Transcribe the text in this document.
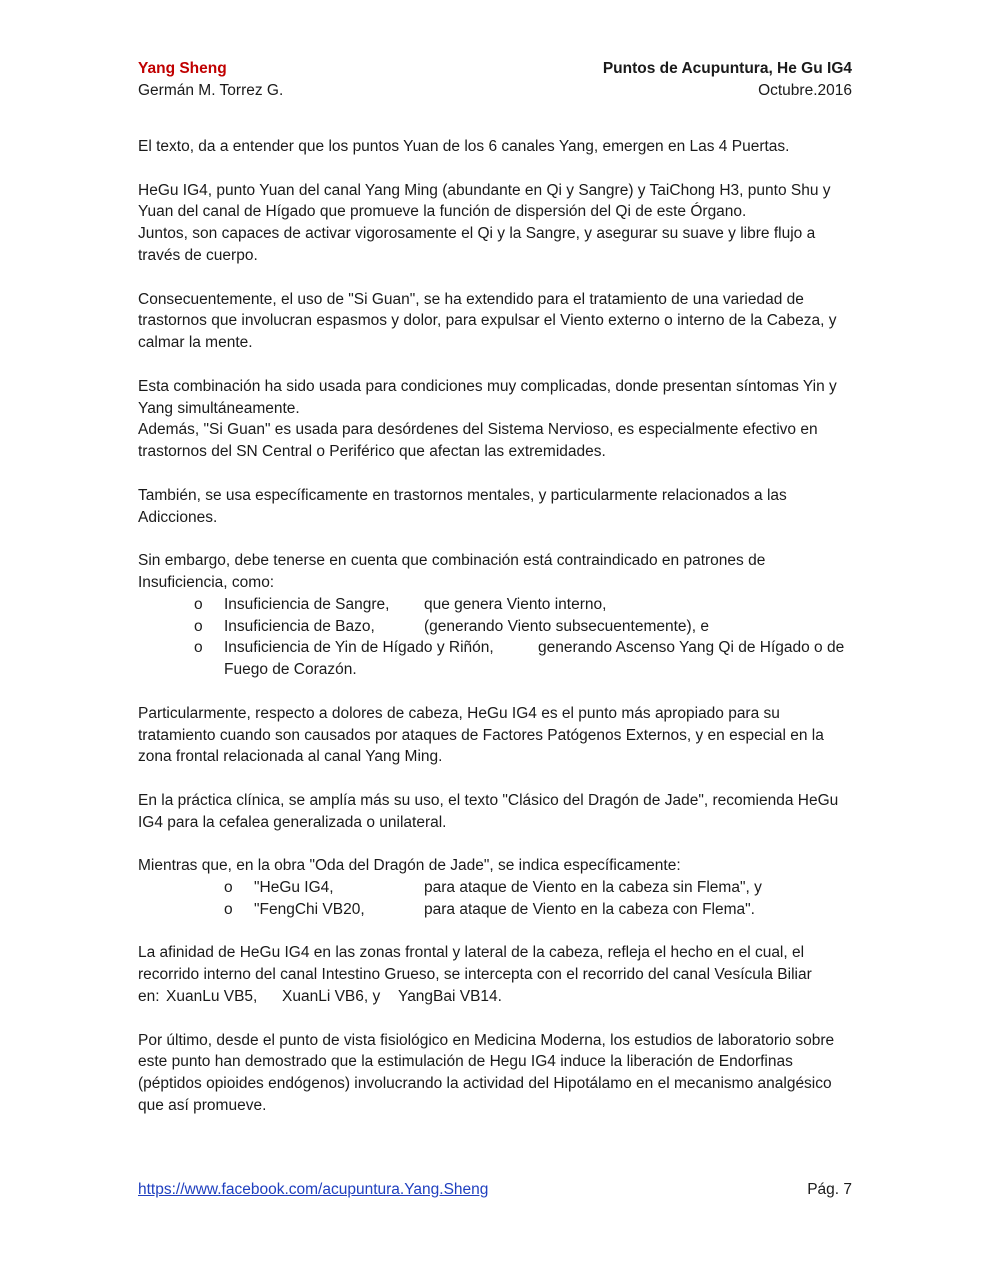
Yang Sheng
Germán M. Torrez G.
Puntos de Acupuntura, He Gu IG4
Octubre.2016

El texto, da a entender que los puntos Yuan de los 6 canales Yang, emergen en Las 4 Puertas.

HeGu IG4, punto Yuan del canal Yang Ming (abundante en Qi y Sangre) y TaiChong H3, punto Shu y Yuan del canal de Hígado que promueve la función de dispersión del Qi de este Órgano.

Juntos, son capaces de activar vigorosamente el Qi y la Sangre, y asegurar su suave y libre flujo a través de cuerpo.

Consecuentemente, el uso de "Si Guan", se ha extendido para el tratamiento de una variedad de trastornos que involucran espasmos y dolor, para expulsar el Viento externo o interno de la Cabeza, y calmar la mente.

Esta combinación ha sido usada para condiciones muy complicadas, donde presentan síntomas Yin y Yang simultáneamente.

Además, "Si Guan" es usada para desórdenes del Sistema Nervioso, es especialmente efectivo en trastornos del SN Central o Periférico que afectan las extremidades.

También, se usa específicamente en trastornos mentales, y particularmente relacionados a las Adicciones.

Sin embargo, debe tenerse en cuenta que combinación está contraindicado en patrones de Insuficiencia, como:

o Insuficiencia de Sangre, que genera Viento interno,
o Insuficiencia de Bazo,	(generando Viento subsecuentemente), e
o Insuficiencia de Yin de Hígado y Riñón,	generando Ascenso Yang Qi de Hígado o de Fuego de Corazón.

Particularmente, respecto a dolores de cabeza, HeGu IG4 es el punto más apropiado para su tratamiento cuando son causados por ataques de Factores Patógenos Externos, y en especial en la zona frontal relacionada al canal Yang Ming.

En la práctica clínica, se amplía más su uso, el texto "Clásico del Dragón de Jade", recomienda HeGu IG4 para la cefalea generalizada o unilateral.

Mientras que, en la obra "Oda del Dragón de Jade", se indica específicamente:

o "HeGu IG4,	para ataque de Viento en la cabeza sin Flema", y
o "FengChi VB20,	para ataque de Viento en la cabeza con Flema".

La afinidad de HeGu IG4 en las zonas frontal y lateral de la cabeza, refleja el hecho en el cual, el recorrido interno del canal Intestino Grueso, se intercepta con el recorrido del canal Vesícula Biliar
en: XuanLu VB5, XuanLi VB6, y YangBai VB14.

Por último, desde el punto de vista fisiológico en Medicina Moderna, los estudios de laboratorio sobre este punto han demostrado que la estimulación de Hegu IG4 induce la liberación de Endorfinas (péptidos opioides endógenos) involucrando la actividad del Hipotálamo en el mecanismo analgésico que así promueve.

https://www.facebook.com/acupuntura.Yang.Sheng	Pág. 7
